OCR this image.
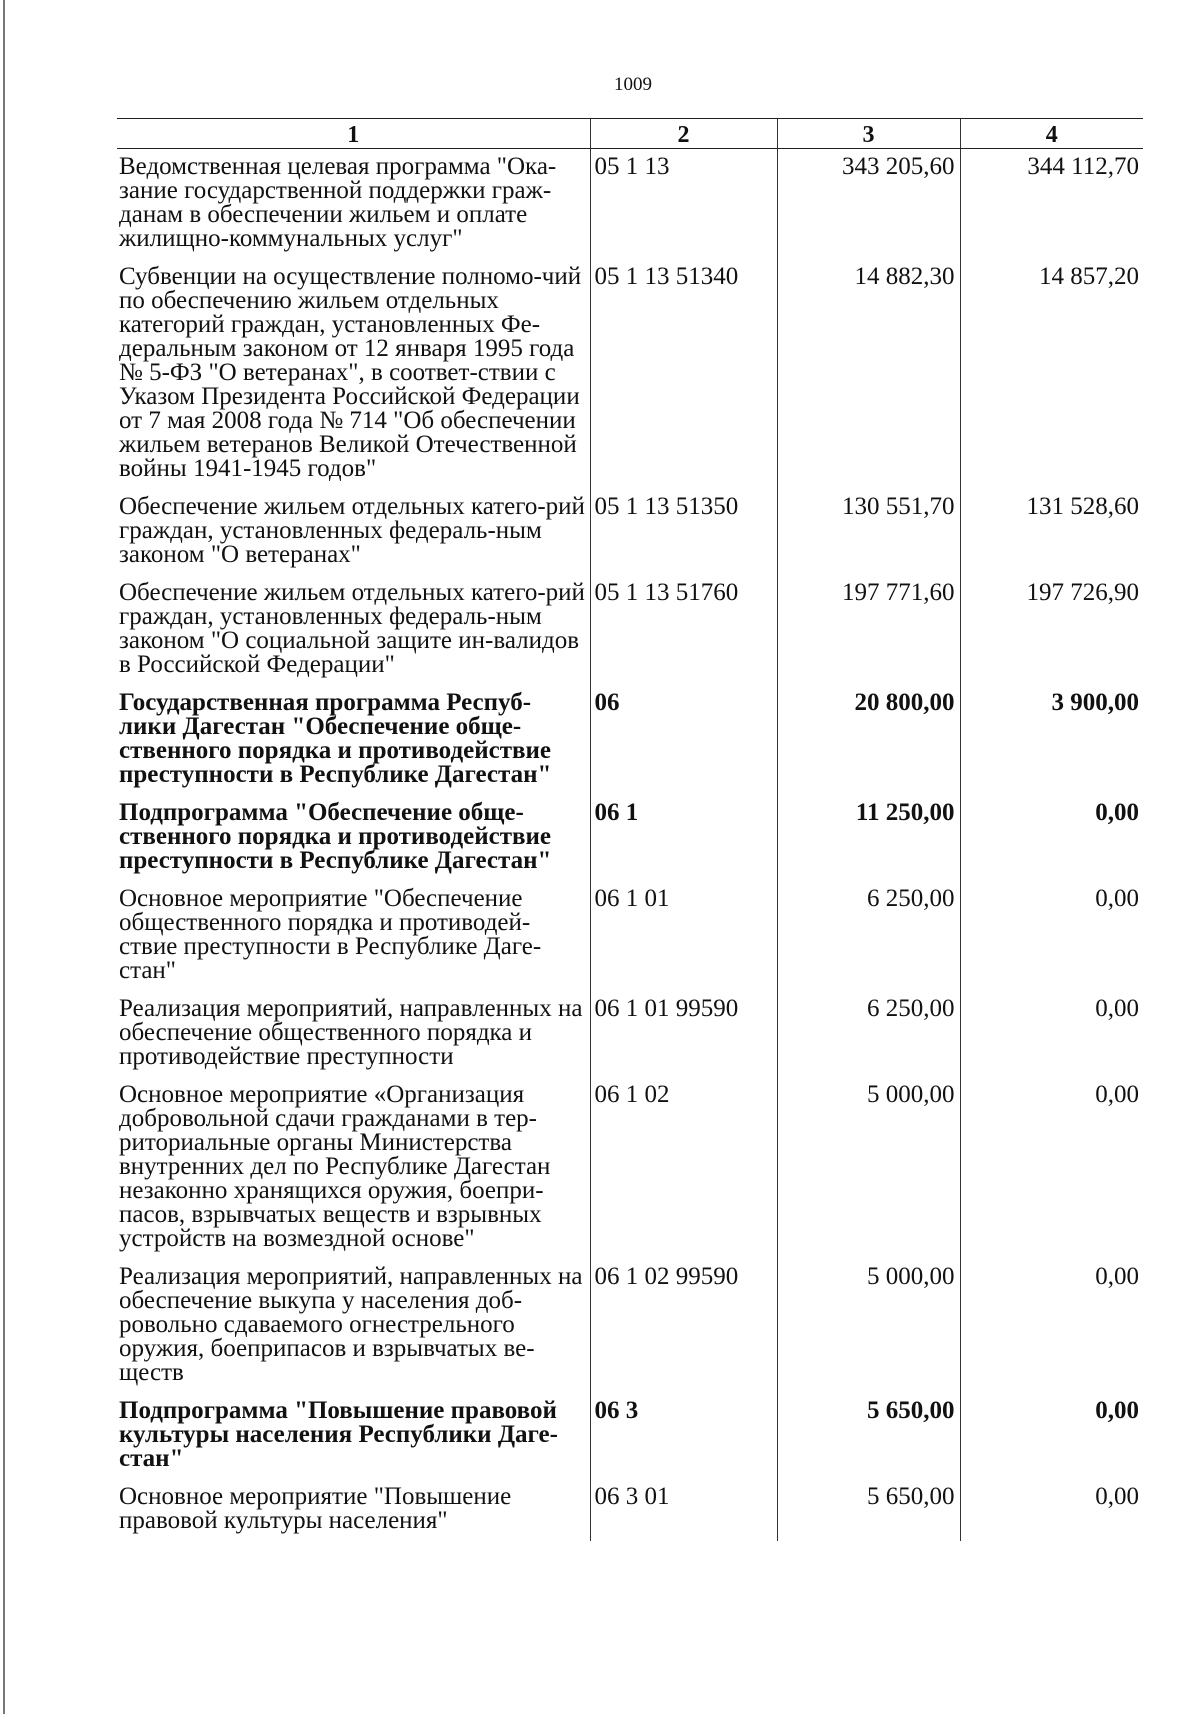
1009
1	2	3	4
Ведомственная целевая программа "Ока-зание государственной поддержки граж-данам в обеспечении жильем и оплате жилищно-коммунальных услуг"	05 1 13	343 205,60	344 112,70
Субвенции на осуществление полномо-чий по обеспечению жильем отдельных категорий граждан, установленных Фе-деральным законом от 12 января 1995 года № 5-ФЗ "О ветеранах", в соответ-ствии с Указом Президента Российской Федерации от 7 мая 2008 года № 714 "Об обеспечении жильем ветеранов Великой Отечественной войны 1941-1945 годов"	05 1 13 51340	14 882,30	14 857,20
Обеспечение жильем отдельных катего-рий граждан, установленных федераль-ным законом "О ветеранах"	05 1 13 51350	130 551,70	131 528,60
Обеспечение жильем отдельных катего-рий граждан, установленных федераль-ным законом "О социальной защите ин-валидов в Российской Федерации"	05 1 13 51760	197 771,60	197 726,90
Государственная программа Респуб-лики Дагестан "Обеспечение обще-ственного порядка и противодействие преступности в Республике Дагестан"	06	20 800,00	3 900,00
Подпрограмма "Обеспечение обще-ственного порядка и противодействие преступности в Республике Дагестан"	06 1	11 250,00	0,00
Основное мероприятие "Обеспечение общественного порядка и противодей-ствие преступности в Республике Даге-стан"	06 1 01	6 250,00	0,00
Реализация мероприятий, направленных на обеспечение общественного порядка и противодействие преступности	06 1 01 99590	6 250,00	0,00
Основное мероприятие «Организация добровольной сдачи гражданами в тер-риториальные органы Министерства внутренних дел по Республике Дагестан незаконно хранящихся оружия, боепри-пасов, взрывчатых веществ и взрывных устройств на возмездной основе"	06 1 02	5 000,00	0,00
Реализация мероприятий, направленных на обеспечение выкупа у населения доб-ровольно сдаваемого огнестрельного оружия, боеприпасов и взрывчатых ве-ществ	06 1 02 99590	5 000,00	0,00
Подпрограмма "Повышение правовой культуры населения Республики Даге-стан"	06 3	5 650,00	0,00
Основное мероприятие "Повышение правовой культуры населения"	06 3 01	5 650,00	0,00
